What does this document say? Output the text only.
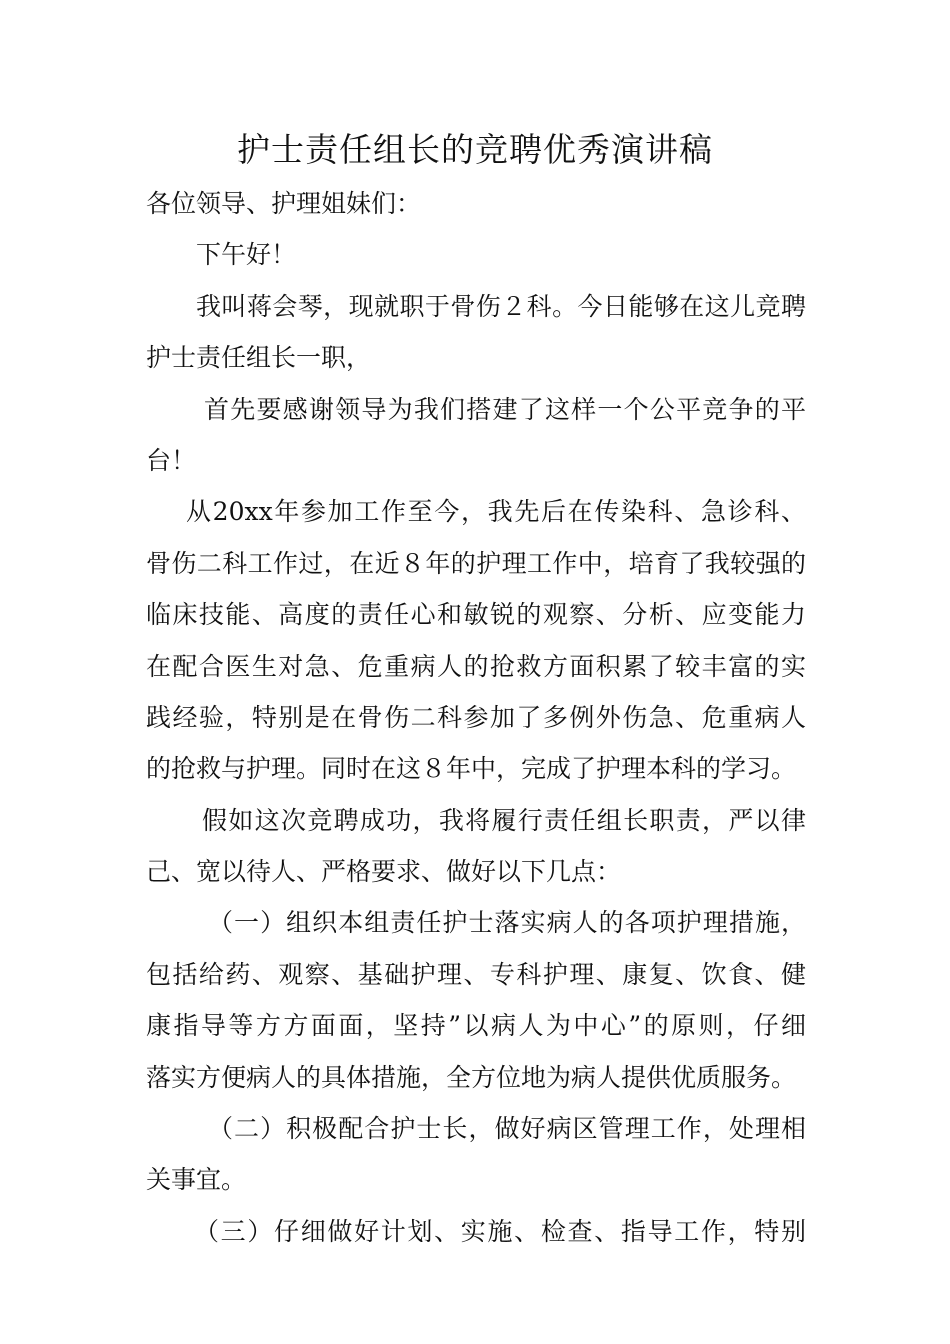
护士责任组长的竞聘优秀演讲稿
各位领导、护理姐妹们：
下午好！
我叫蒋会琴，现就职于骨伤２科。今日能够在这儿竞聘
护士责任组长一职，
首先要感谢领导为我们搭建了这样一个公平竞争的平
台！
从20xx年参加工作至今，我先后在传染科、急诊科、
骨伤二科工作过，在近８年的护理工作中，培育了我较强的
临床技能、高度的责任心和敏锐的观察、分析、应变能力
在配合医生对急、危重病人的抢救方面积累了较丰富的实
践经验，特别是在骨伤二科参加了多例外伤急、危重病人
的抢救与护理。同时在这８年中，完成了护理本科的学习。
假如这次竞聘成功，我将履行责任组长职责，严以律
己、宽以待人、严格要求、做好以下几点：
（一）组织本组责任护士落实病人的各项护理措施，
包括给药、观察、基础护理、专科护理、康复、饮食、健
康指导等方方面面，坚持”以病人为中心”的原则，仔细
落实方便病人的具体措施，全方位地为病人提供优质服务。
（二）积极配合护士长，做好病区管理工作，处理相
关事宜。
（三）仔细做好计划、实施、检查、指导工作，特别
